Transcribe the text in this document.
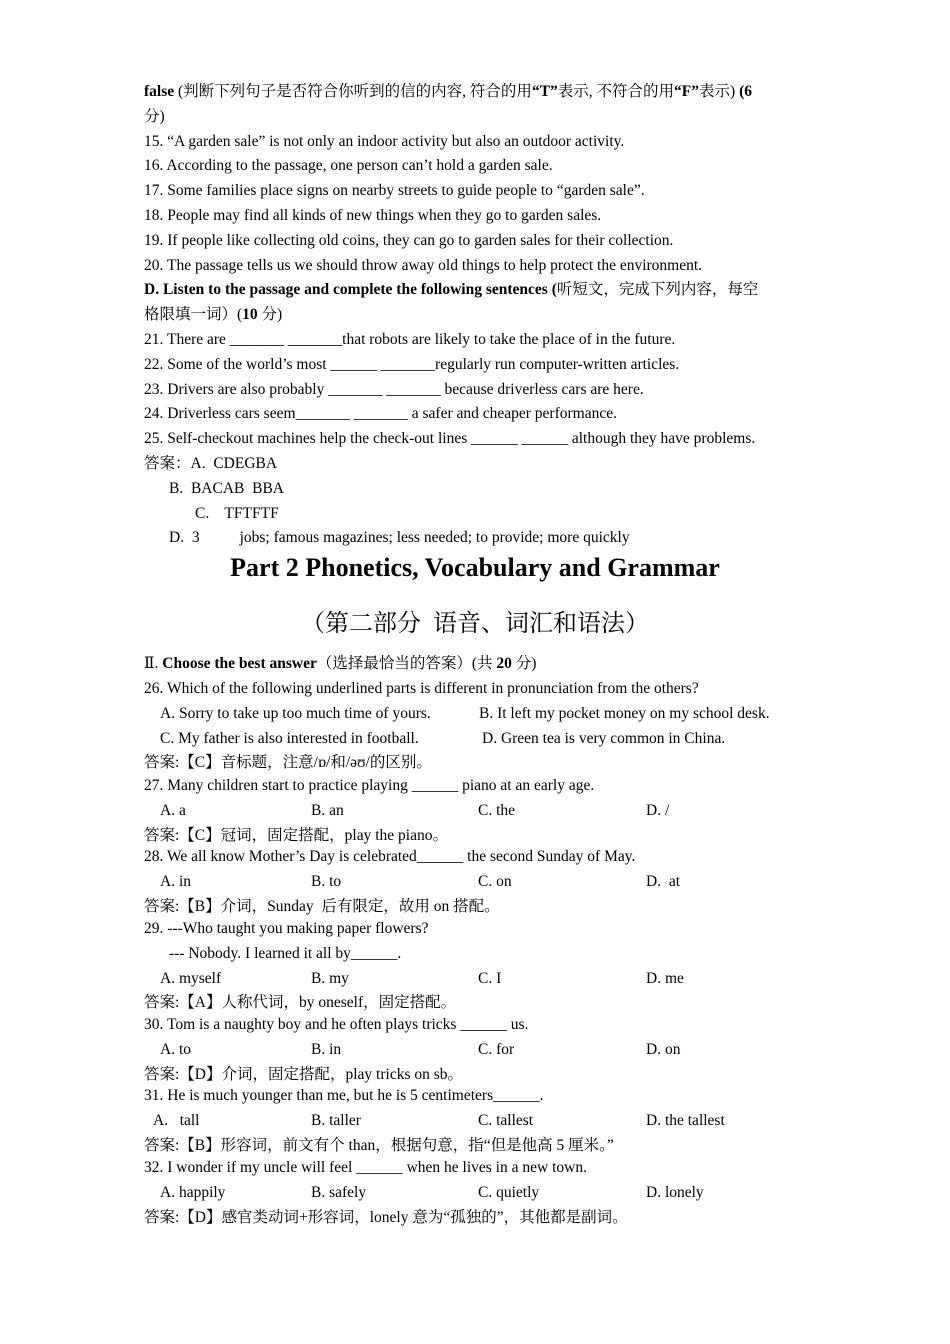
false (判断下列句子是否符合你听到的信的内容, 符合的用“T”表示, 不符合的用“F”表示) (6
分)
15. “A garden sale” is not only an indoor activity but also an outdoor activity.
16. According to the passage, one person can’t hold a garden sale.
17. Some families place signs on nearby streets to guide people to “garden sale”.
18. People may find all kinds of new things when they go to garden sales.
19. If people like collecting old coins, they can go to garden sales for their collection.
20. The passage tells us we should throw away old things to help protect the environment.
D. Listen to the passage and complete the following sentences (听短文，完成下列内容，每空
格限填一词）(10 分)
21. There are _______ _______that robots are likely to take the place of in the future.
22. Some of the world’s most ______ _______regularly run computer-written articles.
23. Drivers are also probably _______ _______ because driverless cars are here.
24. Driverless cars seem_______ _______ a safer and cheaper performance.
25. Self-checkout machines help the check-out lines ______ ______ although they have problems.
答案：A.  CDEGBA
B.  BACAB  BBA
C.    TFTFTF
D.  3	jobs; famous magazines; less needed; to provide; more quickly
Part 2 Phonetics, Vocabulary and Grammar
（第二部分  语音、词汇和语法）
Ⅱ. Choose the best answer（选择最恰当的答案）(共 20 分)
26. Which of the following underlined parts is different in pronunciation from the others?
A. Sorry to take up too much time of yours.	B. It left my pocket money on my school desk.
C. My father is also interested in football.	D. Green tea is very common in China.
答案:【C】音标题，注意/ɒ/和/əʊ/的区别。
27. Many children start to practice playing ______ piano at an early age.
A. a	B. an	C. the	D. /
答案:【C】冠词，固定搭配，play the piano。
28. We all know Mother’s Day is celebrated______ the second Sunday of May.
A. in	B. to	C. on	D.  at
答案:【B】介词，Sunday  后有限定，故用 on 搭配。
29. ---Who taught you making paper flowers?
--- Nobody. I learned it all by______.
A. myself	B. my	C. I	D. me
答案:【A】人称代词，by oneself，固定搭配。
30. Tom is a naughty boy and he often plays tricks ______ us.
A. to	B. in	C. for	D. on
答案:【D】介词，固定搭配，play tricks on sb。
31. He is much younger than me, but he is 5 centimeters______.
A.   tall	B. taller	C. tallest	D. the tallest
答案:【B】形容词，前文有个 than，根据句意，指“但是他高 5 厘米。”
32. I wonder if my uncle will feel ______ when he lives in a new town.
A. happily	B. safely	C. quietly	D. lonely
答案:【D】感官类动词+形容词，lonely 意为“孤独的”，其他都是副词。
